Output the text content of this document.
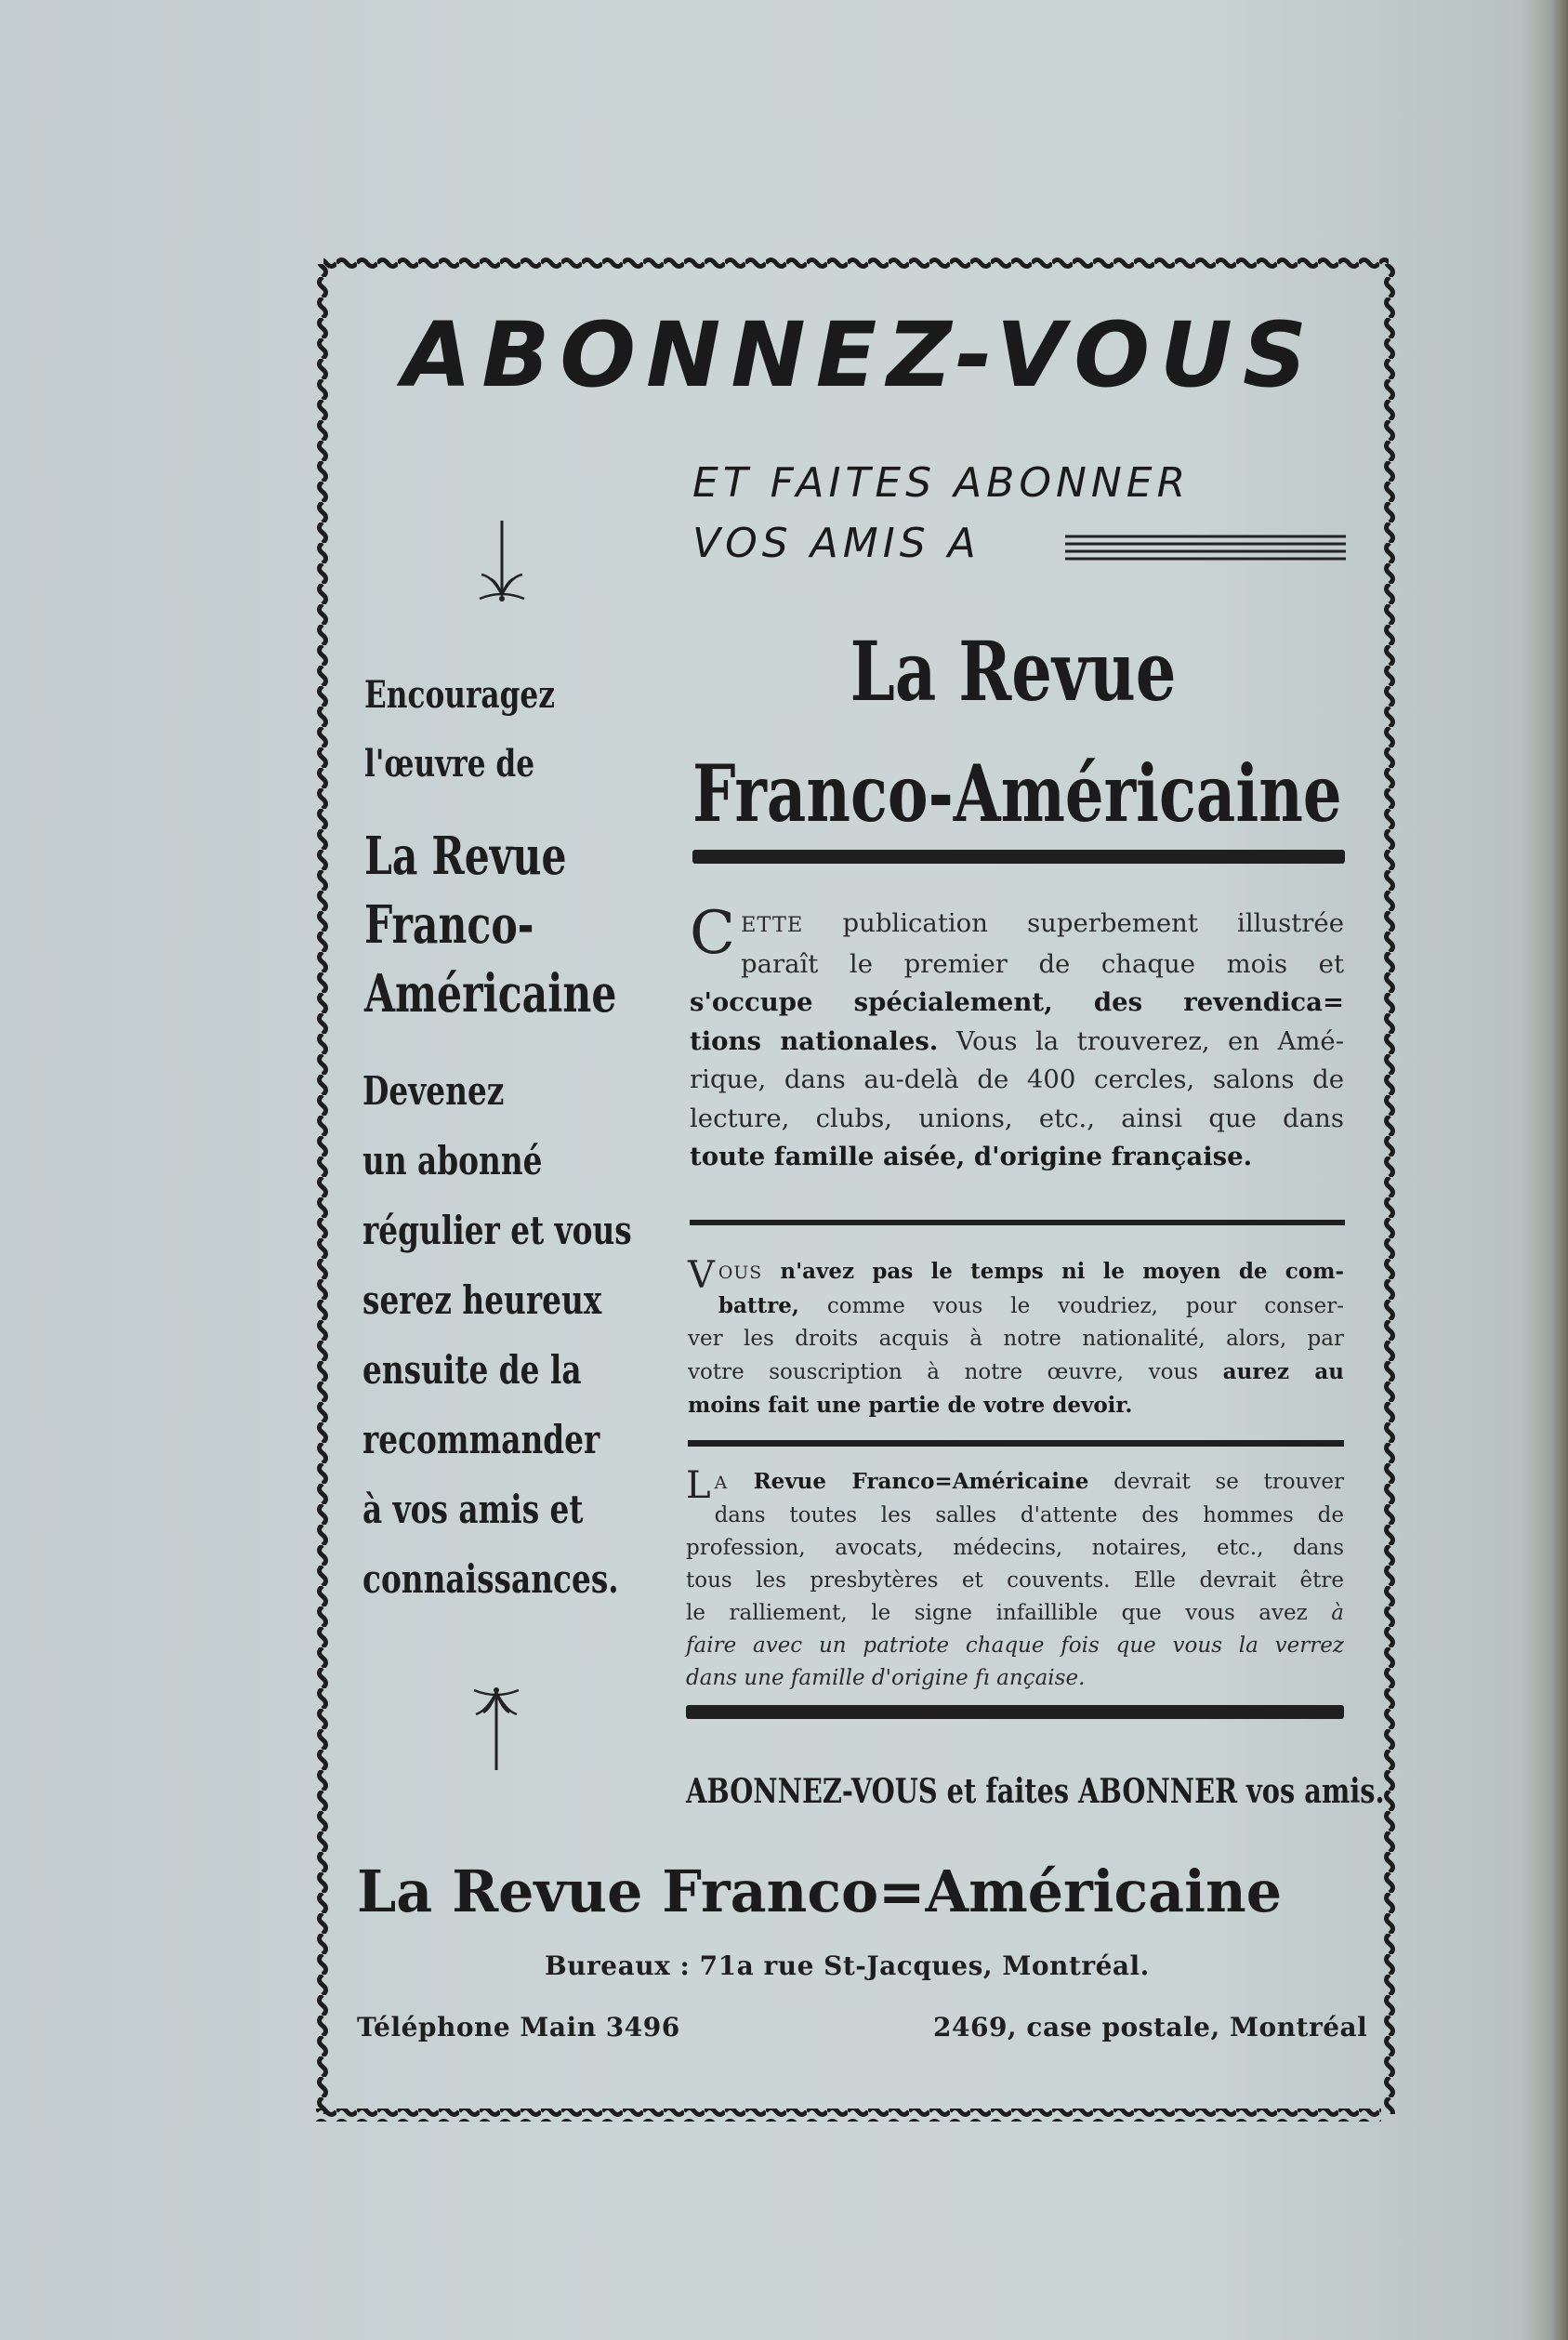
ABONNEZ-VOUS
ET FAITES ABONNER
VOS AMIS A
Encouragez
l'œuvre de
La Revue
Franco-
Américaine
Devenez
un abonné
régulier et vous
serez heureux
ensuite de la
recommander
à vos amis et
connaissances.
La Revue
Franco-Américaine
C ETTE publication superbement illustrée
paraît le premier de chaque mois et
s'occupe spécialement, des revendica=
tions nationales. Vous la trouverez, en Amé-
rique, dans au-delà de 400 cercles, salons de
lecture, clubs, unions, etc., ainsi que dans
toute famille aisée, d'origine française.
V OUS n'avez pas le temps ni le moyen de com-
battre, comme vous le voudriez, pour conser-
ver les droits acquis à notre nationalité, alors, par
votre souscription à notre œuvre, vous aurez au
moins fait une partie de votre devoir.
L A Revue Franco=Américaine devrait se trouver
dans toutes les salles d'attente des hommes de
profession, avocats, médecins, notaires, etc., dans
tous les presbytères et couvents. Elle devrait être
le ralliement, le signe infaillible que vous avez à
faire avec un patriote chaque fois que vous la verrez
dans une famille d'origine fı ançaise.
ABONNEZ-VOUS et faites ABONNER vos amis.
La Revue Franco=Américaine
Bureaux : 71a rue St-Jacques, Montréal.
Téléphone Main 3496	2469, case postale, Montréal
